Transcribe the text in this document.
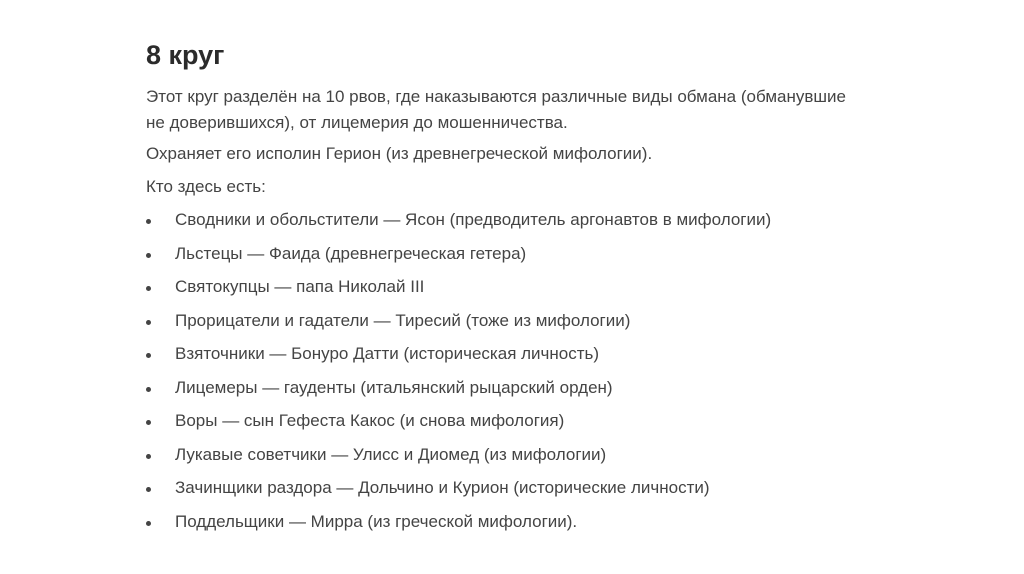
8 круг

Этот круг разделён на 10 рвов, где наказываются различные виды обмана (обманувшие не доверившихся), от лицемерия до мошенничества.

Охраняет его исполин Герион (из древнегреческой мифологии).

Кто здесь есть:

Сводники и обольстители — Ясон (предводитель аргонавтов в мифологии)
Льстецы — Фаида (древнегреческая гетера)
Святокупцы — папа Николай III
Прорицатели и гадатели — Тиресий (тоже из мифологии)
Взяточники — Бонуро Датти (историческая личность)
Лицемеры — гауденты (итальянский рыцарский орден)
Воры — сын Гефеста Какос (и снова мифология)
Лукавые советчики — Улисс и Диомед (из мифологии)
Зачинщики раздора — Дольчино и Курион (исторические личности)
Поддельщики — Мирра (из греческой мифологии).
